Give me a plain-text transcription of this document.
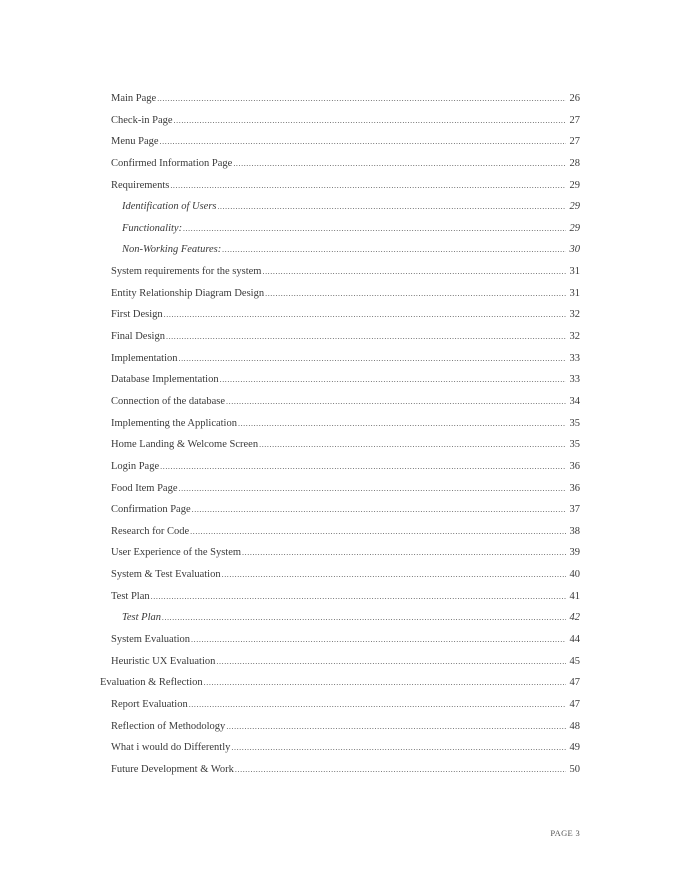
Main Page .....	26
Check-in Page .....	27
Menu Page .....	27
Confirmed Information Page .....	28
Requirements .....	29
Identification of Users .....	29
Functionality: .....	29
Non-Working Features: .....	30
System requirements for the system .....	31
Entity Relationship Diagram Design .....	31
First Design .....	32
Final Design .....	32
Implementation .....	33
Database Implementation .....	33
Connection of the database .....	34
Implementing the Application .....	35
Home Landing & Welcome Screen .....	35
Login Page .....	36
Food Item Page .....	36
Confirmation Page .....	37
Research for Code .....	38
User Experience of the System .....	39
System & Test Evaluation .....	40
Test Plan .....	41
Test Plan .....	42
System Evaluation .....	44
Heuristic UX Evaluation .....	45
Evaluation & Reflection .....	47
Report Evaluation .....	47
Reflection of Methodology .....	48
What i would do Differently .....	49
Future Development & Work .....	50
PAGE 3
